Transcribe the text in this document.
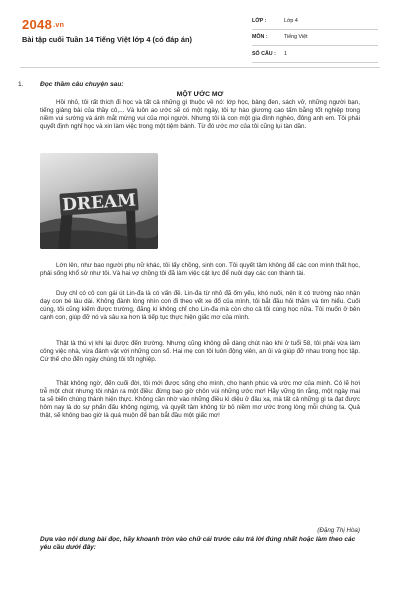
2048.vn
Bài tập cuối Tuần 14 Tiếng Việt lớp 4 (có đáp án)
LỚP :	Lớp 4
MÔN :	Tiếng Việt
SỐ CÂU :	1
1.	Đọc thầm câu chuyện sau:
MỘT ƯỚC MƠ

Hồi nhỏ, tôi rất thích đi học và tất cả những gì thuộc về nó: lớp học, bảng đen, sách vở, những người bạn, tiếng giảng bài của thầy cô,... Và luôn ao ước sẽ có một ngày, tôi tự hào giương cao tấm bằng tốt nghiệp trong niềm vui sướng và ánh mắt mừng vui của mọi người. Nhưng tôi là con một gia đình nghèo, đông anh em. Tôi phải quyết định nghỉ học và xin làm việc trong một tiệm bánh. Từ đó ước mơ của tôi cũng lụi tàn dần.

DREAM

Lớn lên, như bao người phụ nữ khác, tôi lấy chồng, sinh con. Tôi quyết tâm không để các con mình thất học, phải sống khổ sở như tôi. Và hai vợ chồng tôi đã làm việc cật lực để nuôi dạy các con thành tài.

Duy chỉ có cô con gái út Lin-đa là có vấn đề. Lin-đa từ nhỏ đã ốm yếu, khó nuôi, nên ít có trường nào nhận dạy con bé lâu dài. Không đành lòng nhìn con đi theo vết xe đổ của mình, tôi bắt đầu hỏi thăm và tìm hiểu. Cuối cùng, tôi cũng kiếm được trường, đăng kí không chỉ cho Lin-đa mà còn cho cả tôi cùng học nữa. Tôi muốn ở bên cạnh con, giúp đỡ nó và sâu xa hơn là tiếp tục thực hiện giấc mơ của mình.

Thật là thú vị khi lại được đến trường. Nhưng cũng không dễ dàng chút nào khi ở tuổi 58, tôi phải vừa làm công việc nhà, vừa đánh vật với những con số. Hai mẹ con tôi luôn động viên, an ủi và giúp đỡ nhau trong học tập. Cứ thế cho đến ngày chúng tôi tốt nghiệp.

Thật không ngờ, đến cuối đời, tôi mới được sống cho mình, cho hạnh phúc và ước mơ của mình. Có lẽ hơi trễ một chút nhưng tôi nhận ra một điều: đừng bao giờ chôn vùi những ước mơ! Hãy vững tin rằng, một ngày mai ta sẽ biến chúng thành hiện thực. Không cần nhờ vào những điều kì diệu ở đâu xa, mà tất cả những gì ta đạt được hôm nay là do sự phấn đấu không ngừng, và quyết tâm không từ bỏ niềm mơ ước trong lòng mỗi chúng ta. Quả thật, sẽ không bao giờ là quá muộn để bạn bắt đầu một giấc mơ!

(Đặng Thị Hòa)
Dựa vào nội dung bài đọc, hãy khoanh tròn vào chữ cái trước câu trả lời đúng nhất hoặc làm theo các yêu cầu dưới đây:
